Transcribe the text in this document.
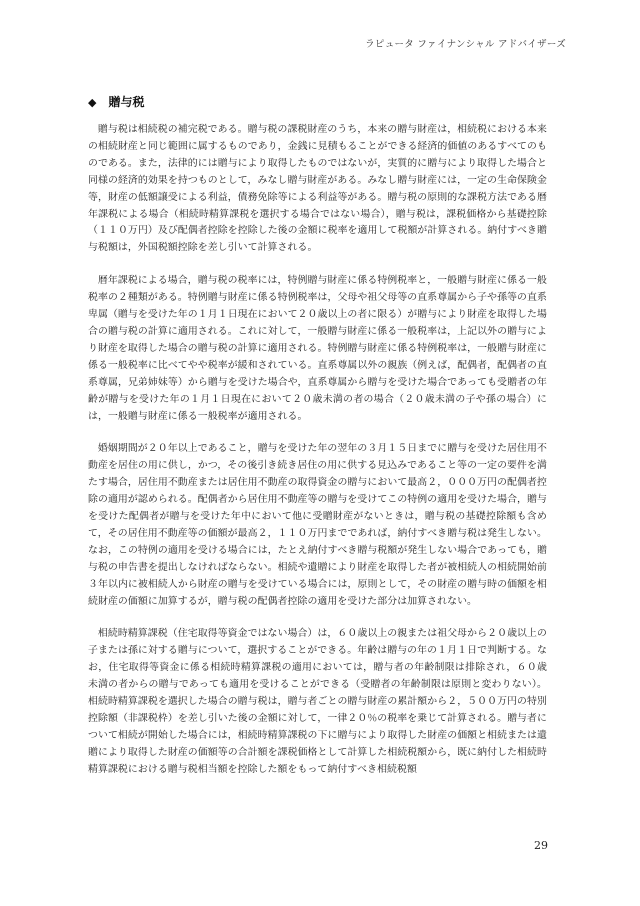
ラピュータ ファイナンシャル アドバイザーズ
◆ 贈与税

贈与税は相続税の補完税である。贈与税の課税財産のうち，本来の贈与財産は，相続税における本来の相続財産と同じ範囲に属するものであり，金銭に見積もることができる経済的価値のあるすべてのものである。また，法律的には贈与により取得したものではないが，実質的に贈与により取得した場合と同様の経済的効果を持つものとして，みなし贈与財産がある。みなし贈与財産には，一定の生命保険金等，財産の低額譲受による利益，債務免除等による利益等がある。贈与税の原則的な課税方法である暦年課税による場合（相続時精算課税を選択する場合ではない場合），贈与税は，課税価格から基礎控除（１１０万円）及び配偶者控除を控除した後の金額に税率を適用して税額が計算される。納付すべき贈与税額は，外国税額控除を差し引いて計算される。

暦年課税による場合，贈与税の税率には，特例贈与財産に係る特例税率と，一般贈与財産に係る一般税率の２種類がある。特例贈与財産に係る特例税率は，父母や祖父母等の直系尊属から子や孫等の直系卑属（贈与を受けた年の１月１日現在において２０歳以上の者に限る）が贈与により財産を取得した場合の贈与税の計算に適用される。これに対して，一般贈与財産に係る一般税率は，上記以外の贈与により財産を取得した場合の贈与税の計算に適用される。特例贈与財産に係る特例税率は，一般贈与財産に係る一般税率に比べてやや税率が緩和されている。直系尊属以外の親族（例えば，配偶者，配偶者の直系尊属，兄弟姉妹等）から贈与を受けた場合や，直系尊属から贈与を受けた場合であっても受贈者の年齢が贈与を受けた年の１月１日現在において２０歳未満の者の場合（２０歳未満の子や孫の場合）には，一般贈与財産に係る一般税率が適用される。

婚姻期間が２０年以上であること，贈与を受けた年の翌年の３月１５日までに贈与を受けた居住用不動産を居住の用に供し，かつ，その後引き続き居住の用に供する見込みであること等の一定の要件を満たす場合，居住用不動産または居住用不動産の取得資金の贈与において最高２，０００万円の配偶者控除の適用が認められる。配偶者から居住用不動産等の贈与を受けてこの特例の適用を受けた場合，贈与を受けた配偶者が贈与を受けた年中において他に受贈財産がないときは，贈与税の基礎控除額も含めて，その居住用不動産等の価額が最高２，１１０万円までであれば，納付すべき贈与税は発生しない。なお，この特例の適用を受ける場合には，たとえ納付すべき贈与税額が発生しない場合であっても，贈与税の申告書を提出しなければならない。相続や遺贈により財産を取得した者が被相続人の相続開始前３年以内に被相続人から財産の贈与を受けている場合には，原則として，その財産の贈与時の価額を相続財産の価額に加算するが，贈与税の配偶者控除の適用を受けた部分は加算されない。

相続時精算課税（住宅取得等資金ではない場合）は，６０歳以上の親または祖父母から２０歳以上の子または孫に対する贈与について，選択することができる。年齢は贈与の年の１月１日で判断する。なお，住宅取得等資金に係る相続時精算課税の適用においては，贈与者の年齢制限は排除され，６０歳未満の者からの贈与であっても適用を受けることができる（受贈者の年齢制限は原則と変わりない）。相続時精算課税を選択した場合の贈与税は，贈与者ごとの贈与財産の累計額から２，５００万円の特別控除額（非課税枠）を差し引いた後の金額に対して，一律２０％の税率を乗じて計算される。贈与者について相続が開始した場合には，相続時精算課税の下に贈与により取得した財産の価額と相続または遺贈により取得した財産の価額等の合計額を課税価格として計算した相続税額から，既に納付した相続時精算課税における贈与税相当額を控除した額をもって納付すべき相続税額

29
